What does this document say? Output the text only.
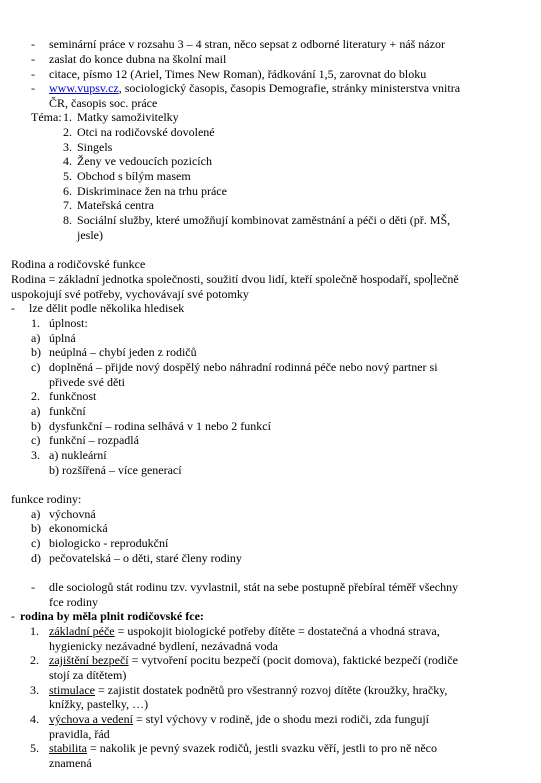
- seminární práce v rozsahu 3 – 4 stran, něco sepsat z odborné literatury + náš názor
- zaslat do konce dubna na školní mail
- citace, písmo 12 (Ariel, Times New Roman), řádkování 1,5, zarovnat do bloku
- www.vupsv.cz, sociologický časopis, časopis Demografie, stránky ministerstva vnitra
ČR, časopis soc. práce
Téma: 1. Matky samoživitelky
2. Otci na rodičovské dovolené
3. Singels
4. Ženy ve vedoucích pozicích
5. Obchod s bílým masem
6. Diskriminace žen na trhu práce
7. Mateřská centra
8. Sociální služby, které umožňují kombinovat zaměstnání a péči o děti (př. MŠ,
jesle)
Rodina a rodičovské funkce
Rodina = základní jednotka společnosti, soužití dvou lidí, kteří společně hospodaří, spo lečně
uspokojují své potřeby, vychovávají své potomky
- lze dělit podle několika hledisek
1. úplnost:
a) úplná
b) neúplná – chybí jeden z rodičů
c) doplněná – přijde nový dospělý nebo náhradní rodinná péče nebo nový partner si
přivede své děti
2. funkčnost
a) funkční
b) dysfunkční – rodina selhává v 1 nebo 2 funkcí
c) funkční – rozpadlá
3. a) nukleární
b) rozšířená – více generací
funkce rodiny:
a) výchovná
b) ekonomická
c) biologicko - reprodukční
d) pečovatelská – o děti, staré členy rodiny
- dle sociologů stát rodinu tzv. vyvlastnil, stát na sebe postupně přebíral téměř všechny
fce rodiny
- rodina by měla plnit rodičovské fce:
1. základní péče = uspokojit biologické potřeby dítěte = dostatečná a vhodná strava,
hygienicky nezávadné bydlení, nezávadná voda
2. zajištění bezpečí = vytvoření pocitu bezpečí (pocit domova), faktické bezpečí (rodiče
stojí za dítětem)
3. stimulace = zajistit dostatek podnětů pro všestranný rozvoj dítěte (kroužky, hračky,
knížky, pastelky, …)
4. výchova a vedení = styl výchovy v rodině, jde o shodu mezi rodiči, zda fungují
pravidla, řád
5. stabilita = nakolik je pevný svazek rodičů, jestli svazku věří, jestli to pro ně něco
znamená
